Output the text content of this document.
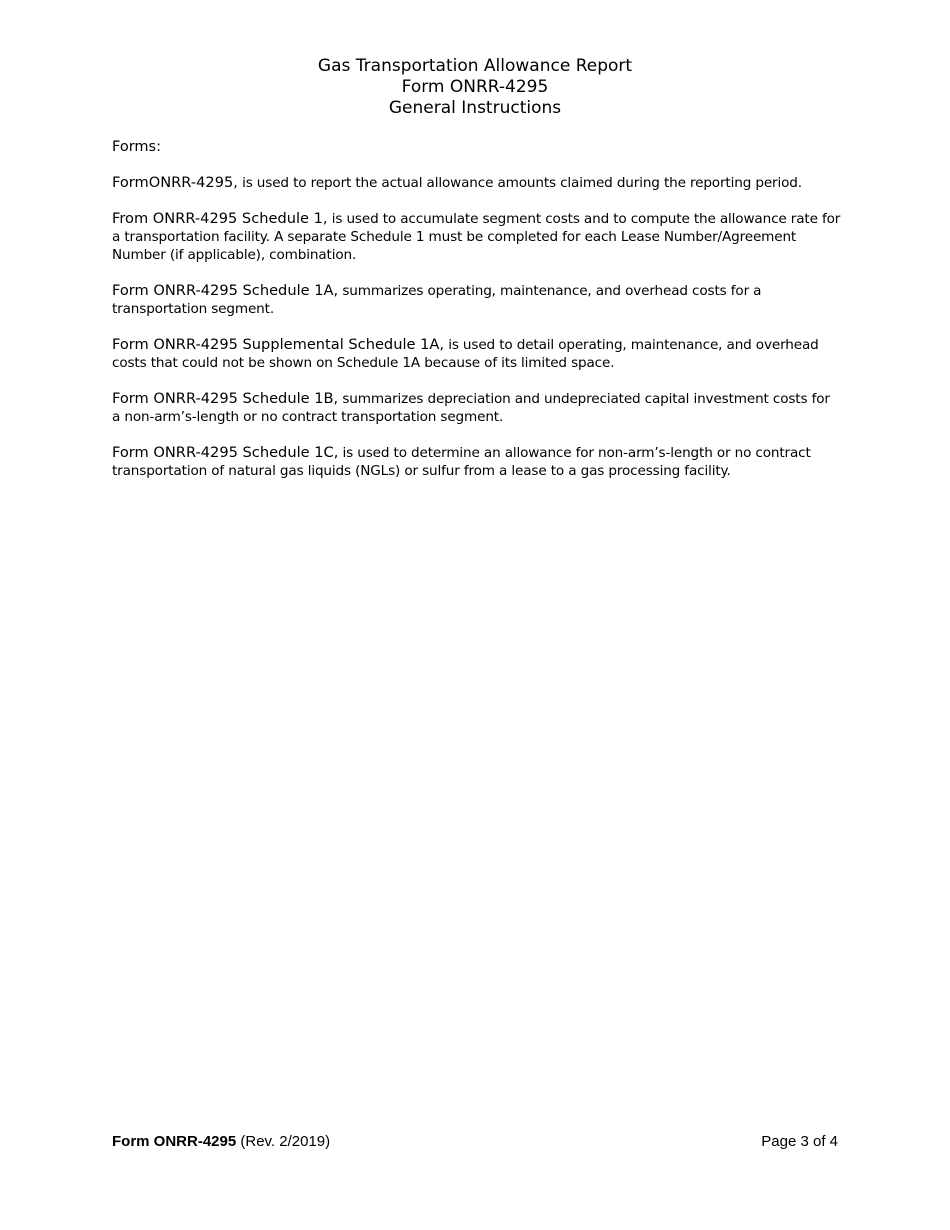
Gas Transportation Allowance Report
Form ONRR-4295
General Instructions
Forms:
FormONRR-4295, is used to report the actual allowance amounts claimed during the reporting period.
From ONRR-4295 Schedule 1, is used to accumulate segment costs and to compute the allowance rate for a transportation facility. A separate Schedule 1 must be completed for each Lease Number/Agreement Number (if applicable), combination.
Form ONRR-4295 Schedule 1A, summarizes operating, maintenance, and overhead costs for a transportation segment.
Form ONRR-4295 Supplemental Schedule 1A, is used to detail operating, maintenance, and overhead costs that could not be shown on Schedule 1A because of its limited space.
Form ONRR-4295 Schedule 1B, summarizes depreciation and undepreciated capital investment costs for a non-arm’s-length or no contract transportation segment.
Form ONRR-4295 Schedule 1C, is used to determine an allowance for non-arm’s-length or no contract transportation of natural gas liquids (NGLs) or sulfur from a lease to a gas processing facility.
Form ONRR-4295 (Rev. 2/2019)	Page 3 of 4
